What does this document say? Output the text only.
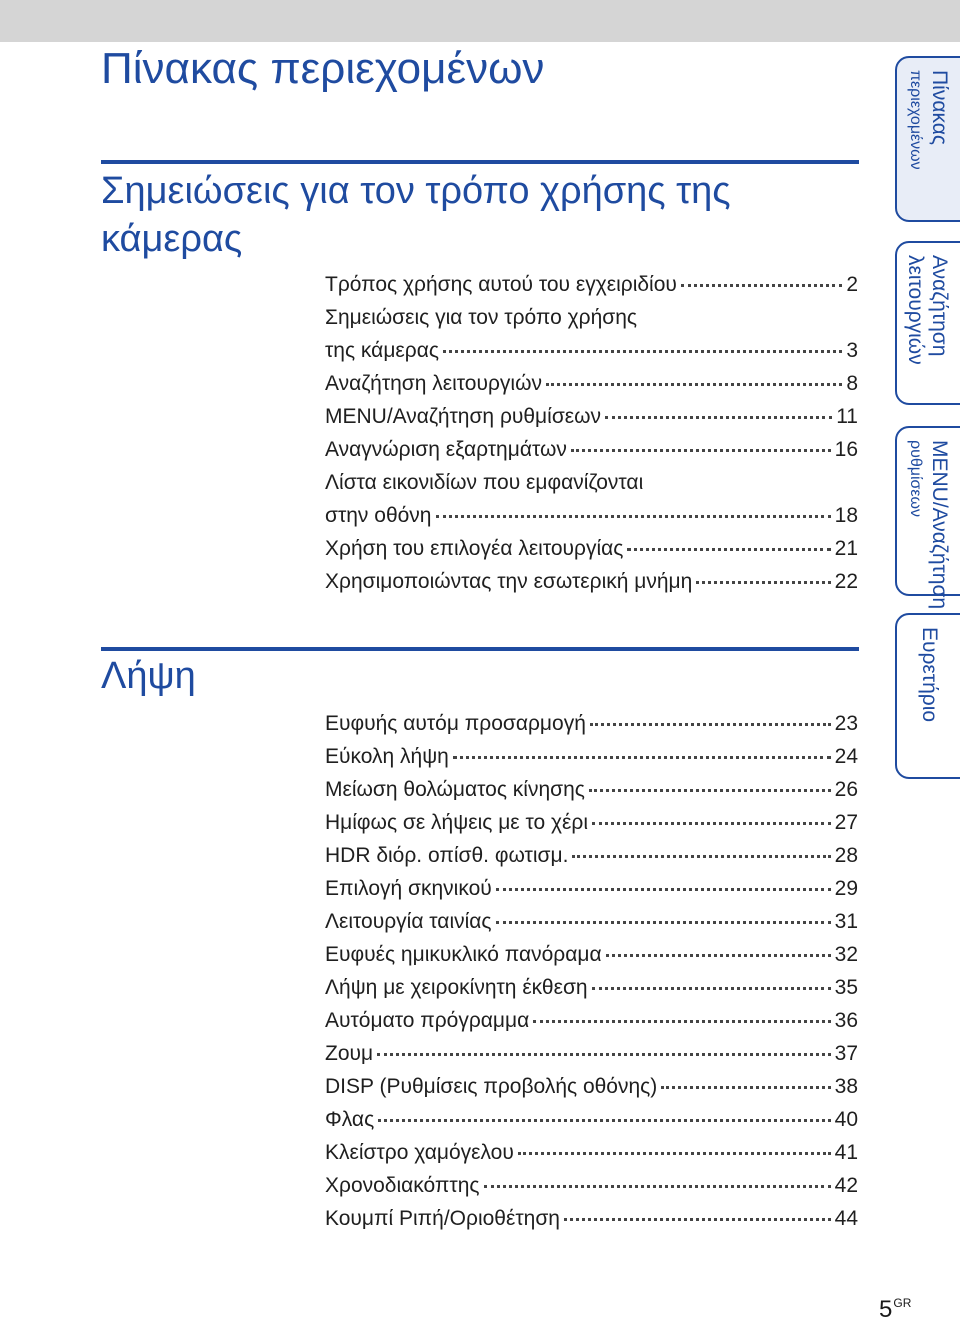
Πίνακας περιεχομένων
Σημειώσεις για τον τρόπο χρήσης της κάμερας
Τρόπος χρήσης αυτού του εγχειριδίου	2
Σημειώσεις για τον τρόπο χρήσης
της κάμερας	3
Αναζήτηση λειτουργιών	8
MENU/Αναζήτηση ρυθμίσεων	11
Αναγνώριση εξαρτημάτων	16
Λίστα εικονιδίων που εμφανίζονται
στην οθόνη	18
Χρήση του επιλογέα λειτουργίας	21
Χρησιμοποιώντας την εσωτερική μνήμη	22
Λήψη
Ευφυής αυτόμ προσαρμογή	23
Εύκολη λήψη	24
Μείωση θολώματος κίνησης	26
Ημίφως σε λήψεις με το χέρι	27
HDR διόρ. οπίσθ. φωτισμ.	28
Επιλογή σκηνικού	29
Λειτουργία ταινίας	31
Ευφυές ημικυκλικό πανόραμα	32
Λήψη με χειροκίνητη έκθεση	35
Αυτόματο πρόγραμμα	36
Ζουμ	37
DISP (Ρυθμίσεις προβολής οθόνης)	38
Φλας	40
Κλείστρο χαμόγελου	41
Χρονοδιακόπτης	42
Κουμπί Ριπή/Οριοθέτηση	44
Πίνακας
περιεχομένων
Αναζήτηση
λειτουργιών
MENU/Αναζήτηση
ρυθμίσεων
Ευρετήριο
$5^{GR}$
